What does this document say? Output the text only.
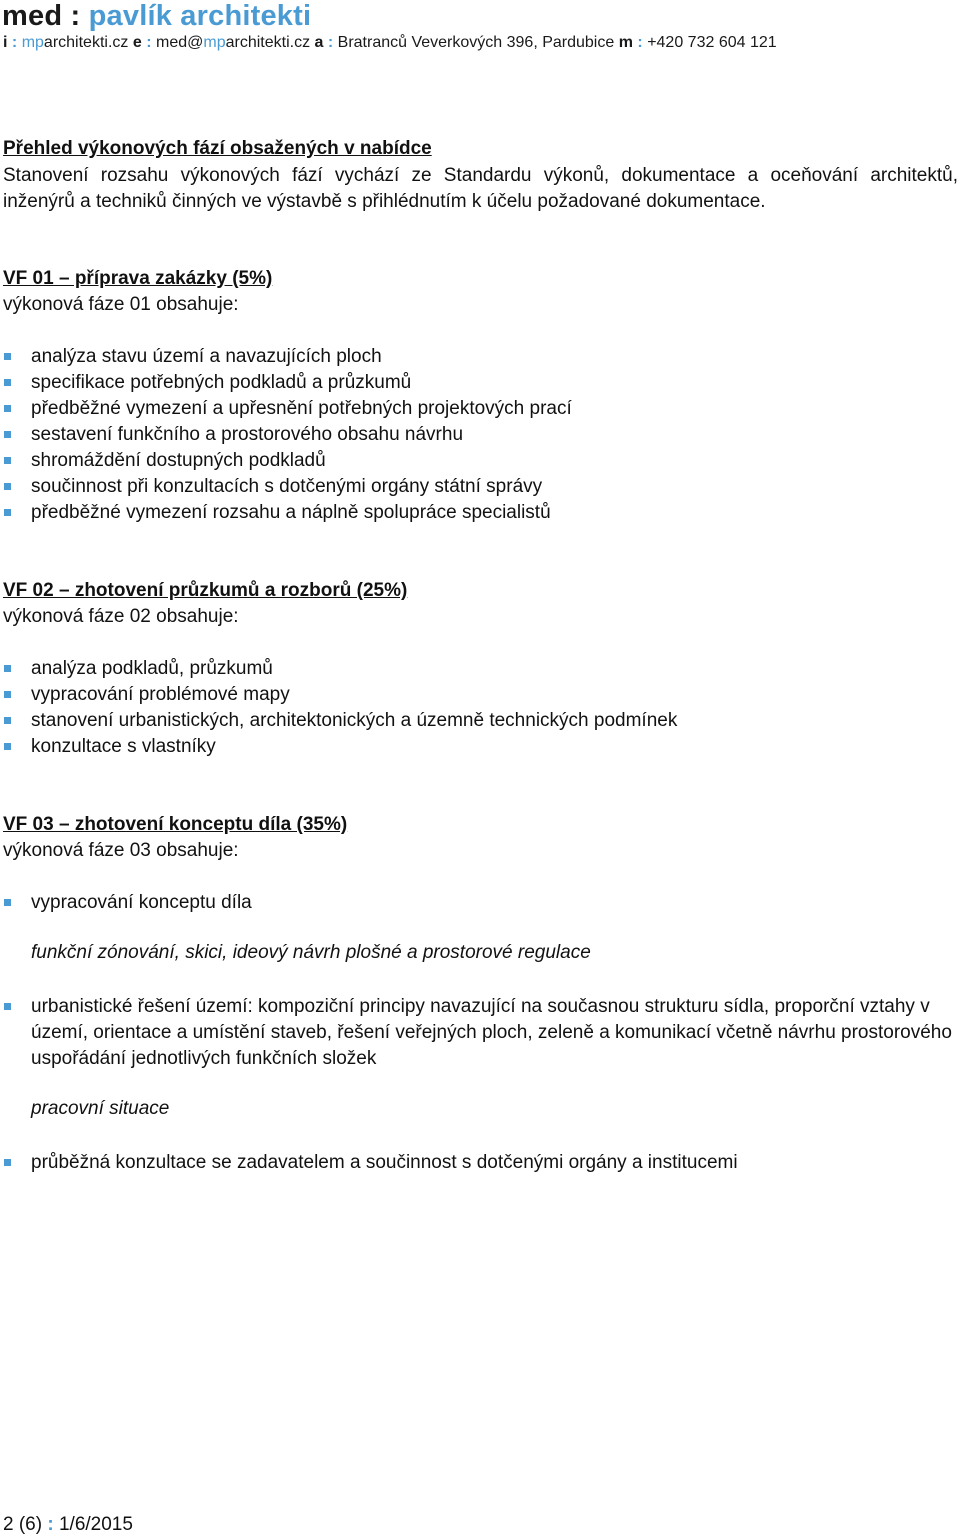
med : pavlík architekti
i : mparchitekti.cz e : med@mparchitekti.cz a : Bratranců Veverkových 396, Pardubice m : +420 732 604 121
Přehled výkonových fází obsažených v nabídce
Stanovení rozsahu výkonových fází vychází ze Standardu výkonů, dokumentace a oceňování architektů, inženýrů a techniků činných ve výstavbě s přihlédnutím k účelu požadované dokumentace.
VF 01 – příprava zakázky (5%)
výkonová fáze 01 obsahuje:
analýza stavu území a navazujících ploch
specifikace potřebných podkladů a průzkumů
předběžné vymezení a upřesnění potřebných projektových prací
sestavení funkčního a prostorového obsahu návrhu
shromáždění dostupných podkladů
součinnost při konzultacích s dotčenými orgány státní správy
předběžné vymezení rozsahu a náplně spolupráce specialistů
VF 02 – zhotovení průzkumů a rozborů (25%)
výkonová fáze 02 obsahuje:
analýza podkladů, průzkumů
vypracování problémové mapy
stanovení urbanistických, architektonických a územně technických podmínek
konzultace s vlastníky
VF 03 – zhotovení konceptu díla (35%)
výkonová fáze 03 obsahuje:
vypracování konceptu díla
funkční zónování, skici, ideový návrh plošné a prostorové regulace
urbanistické řešení území: kompoziční principy navazující na současnou strukturu sídla, proporční vztahy v území, orientace a umístění staveb, řešení veřejných ploch, zeleně a komunikací včetně návrhu prostorového uspořádání jednotlivých funkčních složek
pracovní situace
průběžná konzultace se zadavatelem a součinnost s dotčenými orgány a institucemi
2 (6) : 1/6/2015
